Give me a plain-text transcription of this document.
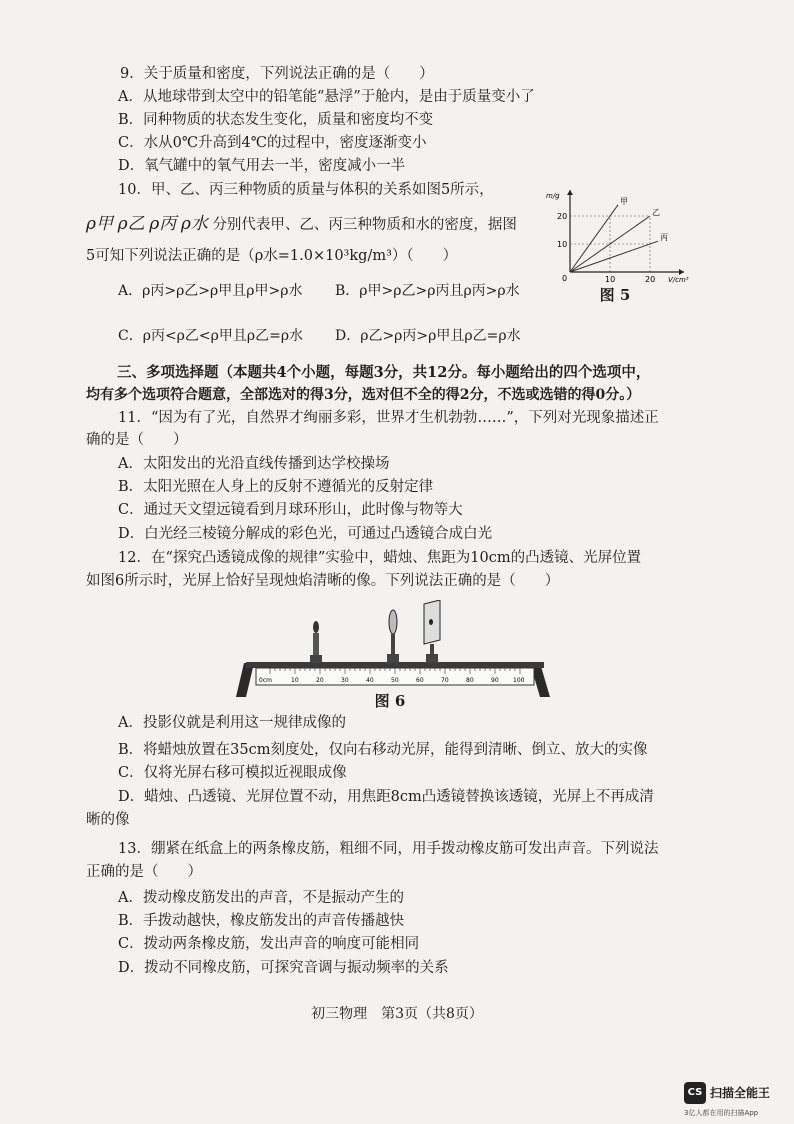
9．关于质量和密度，下列说法正确的是（　　）
A．从地球带到太空中的铅笔能“悬浮”于舱内，是由于质量变小了
B．同种物质的状态发生变化，质量和密度均不变
C．水从0℃升高到4℃的过程中，密度逐渐变小
D．氧气罐中的氧气用去一半，密度减小一半
10．甲、乙、丙三种物质的质量与体积的关系如图5所示，
ρ甲 ρ乙 ρ丙 ρ水 分别代表甲、乙、丙三种物质和水的密度，据图
5可知下列说法正确的是（ρ水=1.0×10³kg/m³）（　　）
A．ρ丙>ρ乙>ρ甲且ρ甲>ρ水 B．ρ甲>ρ乙>ρ丙且ρ丙>ρ水
C．ρ丙<ρ乙<ρ甲且ρ乙=ρ水 D．ρ乙>ρ丙>ρ甲且ρ乙=ρ水
10	20
10
20
0	V/cm³
m/g
甲
乙
丙
图 5
三、多项选择题（本题共4个小题，每题3分，共12分。每小题给出的四个选项中，
均有多个选项符合题意，全部选对的得3分，选对但不全的得2分，不选或选错的得0分。）
11．“因为有了光，自然界才绚丽多彩，世界才生机勃勃……”，下列对光现象描述正
确的是（　　）
A．太阳发出的光沿直线传播到达学校操场
B．太阳光照在人身上的反射不遵循光的反射定律
C．通过天文望远镜看到月球环形山，此时像与物等大
D．白光经三棱镜分解成的彩色光，可通过凸透镜合成白光
12．在“探究凸透镜成像的规律”实验中，蜡烛、焦距为10cm的凸透镜、光屏位置
如图6所示时，光屏上恰好呈现烛焰清晰的像。下列说法正确的是（　　）
10	20	30	40	50	60	70	80	90
0cm	100
图 6
A．投影仪就是利用这一规律成像的
B．将蜡烛放置在35cm刻度处，仅向右移动光屏，能得到清晰、倒立、放大的实像
C．仅将光屏右移可模拟近视眼成像
D．蜡烛、凸透镜、光屏位置不动，用焦距8cm凸透镜替换该透镜，光屏上不再成清
晰的像
13．绷紧在纸盒上的两条橡皮筋，粗细不同，用手拨动橡皮筋可发出声音。下列说法
正确的是（　　）
A．拨动橡皮筋发出的声音，不是振动产生的
B．手拨动越快，橡皮筋发出的声音传播越快
C．拨动两条橡皮筋，发出声音的响度可能相同
D．拨动不同橡皮筋，可探究音调与振动频率的关系
初三物理　第3页（共8页）
CS 扫描全能王
3亿人都在用的扫描App
